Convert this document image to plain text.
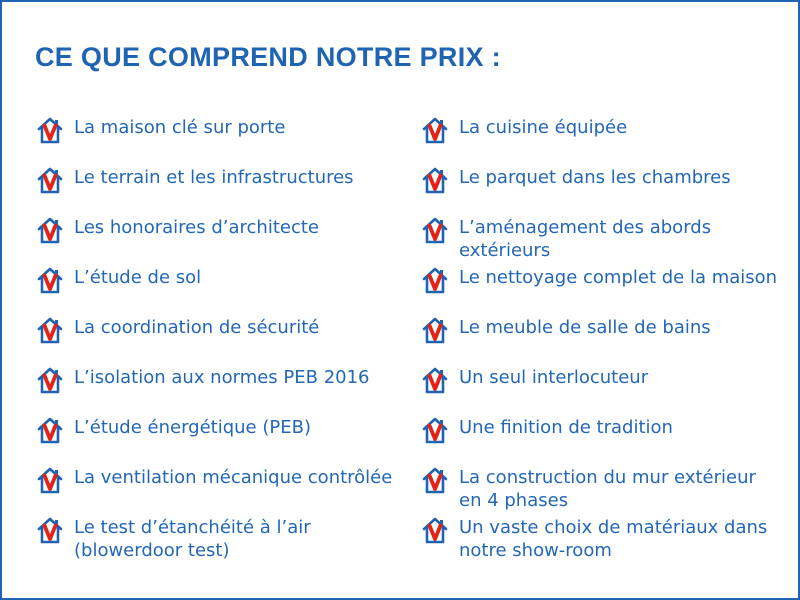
CE QUE COMPREND NOTRE PRIX :
La maison clé sur porte
Le terrain et les infrastructures
Les honoraires d’architecte
L’étude de sol
La coordination de sécurité
L’isolation aux normes PEB 2016
L’étude énergétique (PEB)
La ventilation mécanique contrôlée
Le test d’étanchéité à l’air
(blowerdoor test)
La cuisine équipée
Le parquet dans les chambres
L’aménagement des abords extérieurs
Le nettoyage complet de la maison
Le meuble de salle de bains
Un seul interlocuteur
Une finition de tradition
La construction du mur extérieur
en 4 phases
Un vaste choix de matériaux dans
notre show-room
